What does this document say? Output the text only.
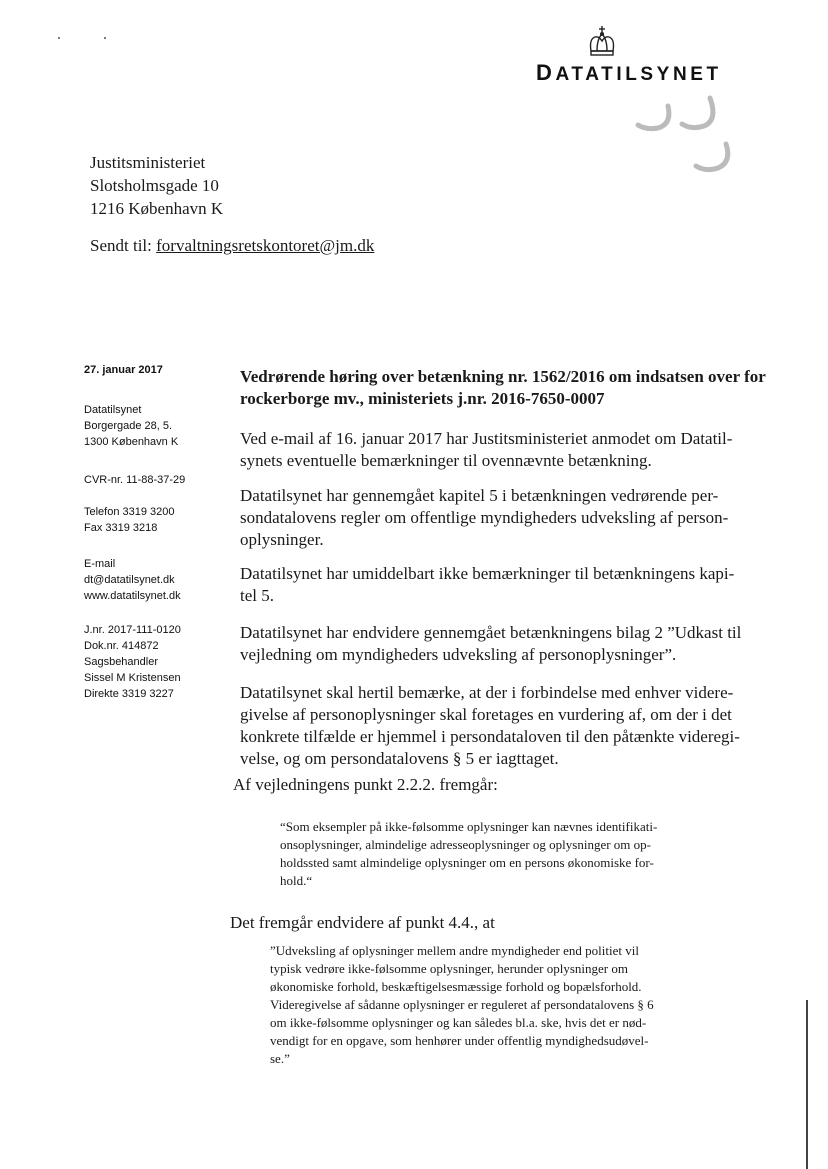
DATATILSYNET
Justitsministeriet
Slotsholmsgade 10
1216 København K
Sendt til: forvaltningsretskontoret@jm.dk
27. januar 2017
Datatilsynet
Borgergade 28, 5.
1300 København K
CVR-nr. 11-88-37-29
Telefon 3319 3200
Fax 3319 3218
E-mail
dt@datatilsynet.dk
www.datatilsynet.dk
J.nr. 2017-111-0120
Dok.nr. 414872
Sagsbehandler
Sissel M Kristensen
Direkte 3319 3227
Vedrørende høring over betænkning nr. 1562/2016 om indsatsen over for
rockerborge mv., ministeriets j.nr. 2016-7650-0007
Ved e-mail af 16. januar 2017 har Justitsministeriet anmodet om Datatil-
synets eventuelle bemærkninger til ovennævnte betænkning.
Datatilsynet har gennemgået kapitel 5 i betænkningen vedrørende per-
sondatalovens regler om offentlige myndigheders udveksling af person-
oplysninger.
Datatilsynet har umiddelbart ikke bemærkninger til betænkningens kapi-
tel 5.
Datatilsynet har endvidere gennemgået betænkningens bilag 2 ”Udkast til
vejledning om myndigheders udveksling af personoplysninger”.
Datatilsynet skal hertil bemærke, at der i forbindelse med enhver videre-
givelse af personoplysninger skal foretages en vurdering af, om der i det
konkrete tilfælde er hjemmel i persondataloven til den påtænkte videregi-
velse, og om persondatalovens § 5 er iagttaget.
Af vejledningens punkt 2.2.2. fremgår:
“Som eksempler på ikke-følsomme oplysninger kan nævnes identifikati-
onsoplysninger, almindelige adresseoplysninger og oplysninger om op-
holdssted samt almindelige oplysninger om en persons økonomiske for-
hold.“
Det fremgår endvidere af punkt 4.4., at
”Udveksling af oplysninger mellem andre myndigheder end politiet vil
typisk vedrøre ikke-følsomme oplysninger, herunder oplysninger om
økonomiske forhold, beskæftigelsesmæssige forhold og bopælsforhold.
Videregivelse af sådanne oplysninger er reguleret af persondatalovens § 6
om ikke-følsomme oplysninger og kan således bl.a. ske, hvis det er nød-
vendigt for en opgave, som henhører under offentlig myndighedsudøvel-
se.”
